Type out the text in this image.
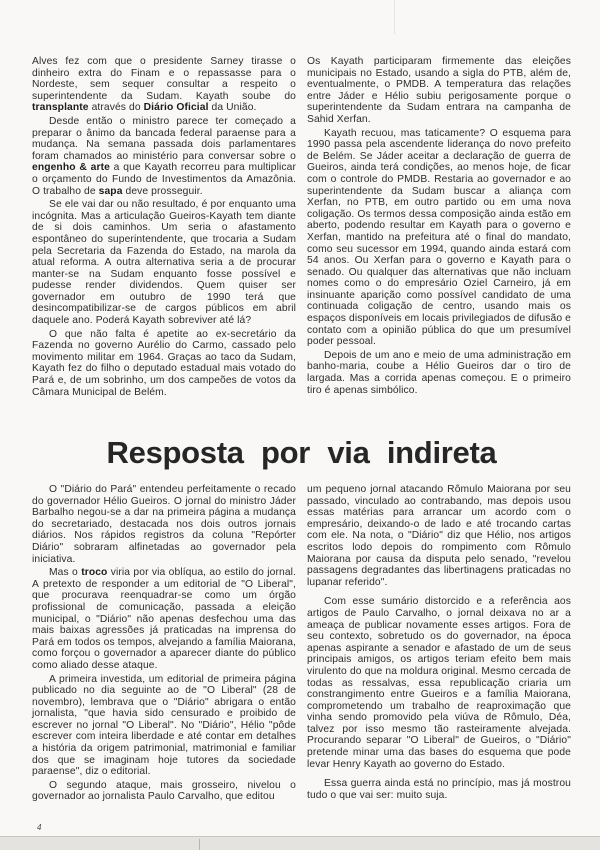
Alves fez com que o presidente Sarney tirasse o dinheiro extra do Finam e o repassasse para o Nordeste, sem sequer consultar a respeito o superintendente da Sudam. Kayath soube do transplante através do Diário Oficial da União.

Desde então o ministro parece ter começado a preparar o ânimo da bancada federal paraense para a mudança. Na semana passada dois parlamentares foram chamados ao ministério para conversar sobre o engenho & arte a que Kayath recorreu para multiplicar o orçamento do Fundo de Investimentos da Amazônia. O trabalho de sapa deve prosseguir.

Se ele vai dar ou não resultado, é por enquanto uma incógnita. Mas a articulação Gueiros-Kayath tem diante de si dois caminhos. Um seria o afastamento espontâneo do superintendente, que trocaria a Sudam pela Secretaria da Fazenda do Estado, na marola da atual reforma. A outra alternativa seria a de procurar manter-se na Sudam enquanto fosse possível e pudesse render dividendos. Quem quiser ser governador em outubro de 1990 terá que desincompatibilizar-se de cargos públicos em abril daquele ano. Poderá Kayath sobreviver até lá?

O que não falta é apetite ao ex-secretário da Fazenda no governo Aurélio do Carmo, cassado pelo movimento militar em 1964. Graças ao taco da Sudam, Kayath fez do filho o deputado estadual mais votado do Pará e, de um sobrinho, um dos campeões de votos da Câmara Municipal de Belém.

Os Kayath participaram firmemente das eleições municipais no Estado, usando a sigla do PTB, além de, eventualmente, o PMDB. A temperatura das relações entre Jáder e Hélio subiu perigosamente porque o superintendente da Sudam entrara na campanha de Sahid Xerfan.

Kayath recuou, mas taticamente? O esquema para 1990 passa pela ascendente liderança do novo prefeito de Belém. Se Jáder aceitar a declaração de guerra de Gueiros, ainda terá condições, ao menos hoje, de ficar com o controle do PMDB. Restaria ao governador e ao superintendente da Sudam buscar a aliança com Xerfan, no PTB, em outro partido ou em uma nova coligação. Os termos dessa composição ainda estão em aberto, podendo resultar em Kayath para o governo e Xerfan, mantido na prefeitura até o final do mandato, como seu sucessor em 1994, quando ainda estará com 54 anos. Ou Xerfan para o governo e Kayath para o senado. Ou qualquer das alternativas que não incluam nomes como o do empresário Oziel Carneiro, já em insinuante aparição como possível candidato de uma continuada coligação de centro, usando mais os espaços disponíveis em locais privilegiados de difusão e contato com a opinião pública do que um presumível poder pessoal.

Depois de um ano e meio de uma administração em banho-maria, coube a Hélio Gueiros dar o tiro de largada. Mas a corrida apenas começou. E o primeiro tiro é apenas simbólico.

Resposta por via indireta

O "Diário do Pará" entendeu perfeitamente o recado do governador Hélio Gueiros. O jornal do ministro Jáder Barbalho negou-se a dar na primeira página a mudança do secretariado, destacada nos dois outros jornais diários. Nos rápidos registros da coluna "Repórter Diário" sobraram alfinetadas ao governador pela iniciativa.

Mas o troco viria por via oblíqua, ao estilo do jornal. A pretexto de responder a um editorial de "O Liberal", que procurava reenquadrar-se como um órgão profissional de comunicação, passada a eleição municipal, o "Diário" não apenas desfechou uma das mais baixas agressões já praticadas na imprensa do Pará em todos os tempos, alvejando a família Maiorana, como forçou o governador a aparecer diante do público como aliado desse ataque.

A primeira investida, um editorial de primeira página publicado no dia seguinte ao de "O Liberal" (28 de novembro), lembrava que o "Diário" abrigara o então jornalista, "que havia sido censurado e proibido de escrever no jornal "O Liberal". No "Diário", Hélio "pôde escrever com inteira liberdade e até contar em detalhes a história da origem patrimonial, matrimonial e familiar dos que se imaginam hoje tutores da sociedade paraense", diz o editorial.

O segundo ataque, mais grosseiro, nivelou o governador ao jornalista Paulo Carvalho, que editou

um pequeno jornal atacando Rômulo Maiorana por seu passado, vinculado ao contrabando, mas depois usou essas matérias para arrancar um acordo com o empresário, deixando-o de lado e até trocando cartas com ele. Na nota, o "Diário" diz que Hélio, nos artigos escritos lodo depois do rompimento com Rômulo Maiorana por causa da disputa pelo senado, "revelou passagens degradantes das libertinagens praticadas no lupanar referido".

Com esse sumário distorcido e a referência aos artigos de Paulo Carvalho, o jornal deixava no ar a ameaça de publicar novamente esses artigos. Fora de seu contexto, sobretudo os do governador, na época apenas aspirante a senador e afastado de um de seus principais amigos, os artigos teriam efeito bem mais virulento do que na moldura original. Mesmo cercada de todas as ressalvas, essa republicação criaria um constrangimento entre Gueiros e a família Maiorana, comprometendo um trabalho de reaproximação que vinha sendo promovido pela viúva de Rômulo, Déa, talvez por isso mesmo tão rasteiramente alvejada. Procurando separar "O Liberal" de Gueiros, o "Diário" pretende minar uma das bases do esquema que pode levar Henry Kayath ao governo do Estado.

Essa guerra ainda está no princípio, mas já mostrou tudo o que vai ser: muito suja.

4
